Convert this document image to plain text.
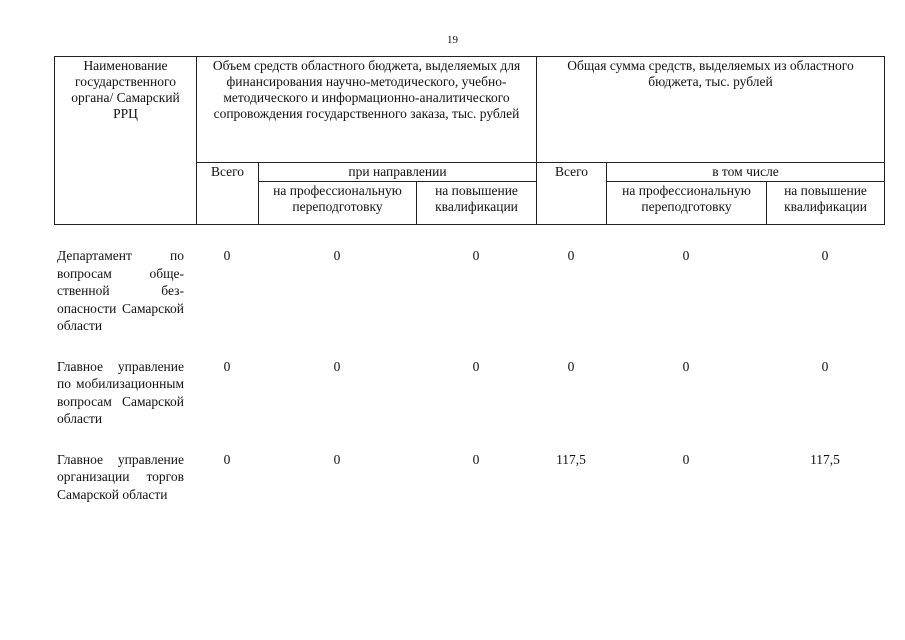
19
Наименование государственного органа/ Самарский РРЦ	Объем средств областного бюджета, выделяемых для финансирования научно-методического, учебно-методического и информационно-аналитического сопровождения государственного заказа, тыс. рублей			Общая сумма средств, выделяемых из областного бюджета, тыс. рублей		
	Всего	при направлении		Всего	в том числе	
		на профессиональную переподготовку	на повышение квалификации		на профессиональную переподготовку	на повышение квалификации
Департамент по вопросам общественной безопасности Самарской области	0	0	0	0	0	0
Главное управление по мобилизационным вопросам Самарской области	0	0	0	0	0	0
Главное управление организации торгов Самарской области	0	0	0	117,5	0	117,5
